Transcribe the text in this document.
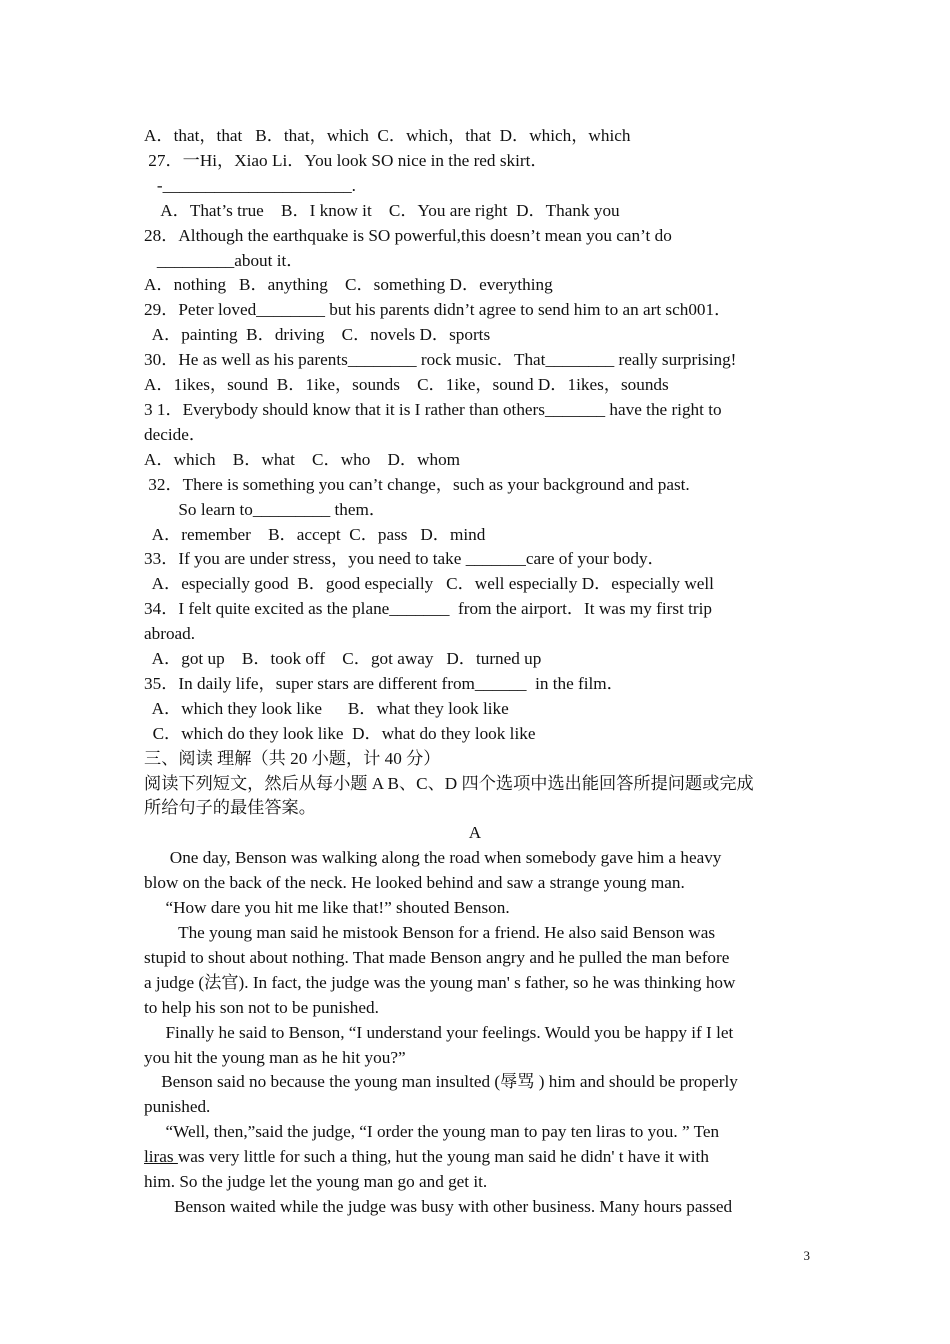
A．that，that   B．that，which  C．which，that  D．which，which
27．一Hi，Xiao Li．You look SO nice in the red skirt．
-______________________.
A．That’s true    B．I know it    C．You are right  D．Thank you
28．Although the earthquake is SO powerful,this doesn’t mean you can’t do
_________about it．
A．nothing   B．anything    C．something D．everything
29．Peter loved________ but his parents didn’t agree to send him to an art sch001．
A．painting  B．driving    C．novels D．sports
30．He as well as his parents________ rock music．That________ really surprising!
A．1ikes，sound  B．1ike，sounds    C．1ike，sound D．1ikes，sounds
3 1．Everybody should know that it is I rather than others_______ have the right to
decide．
A．which    B．what    C．who    D．whom
32．There is something you can’t change，such as your background and past.
So learn to_________ them．
A．remember    B．accept  C．pass   D．mind
33．If you are under stress，you need to take _______care of your body．
A．especially good  B．good especially   C．well especially D．especially well
34．I felt quite excited as the plane_______  from the airport．It was my first trip
abroad.
A．got up    B．took off    C．got away   D．turned up
35．In daily life，super stars are different from______  in the film．
A．which they look like      B．what they look like
C．which do they look like  D．what do they look like
三、阅读 理解（共 20 小题，计 40 分）
阅读下列短文，然后从每小题 A B、C、D 四个选项中选出能回答所提问题或完成
所给句子的最佳答案。
A
One day, Benson was walking along the road when somebody gave him a heavy
blow on the back of the neck. He looked behind and saw a strange young man.
“How dare you hit me like that!” shouted Benson.
The young man said he mistook Benson for a friend. He also said Benson was
stupid to shout about nothing. That made Benson angry and he pulled the man before
a judge (法官). In fact, the judge was the young man' s father, so he was thinking how
to help his son not to be punished.
Finally he said to Benson, “I understand your feelings. Would you be happy if I let
you hit the young man as he hit you?”
Benson said no because the young man insulted (辱骂 ) him and should be properly
punished.
“Well, then,”said the judge, “I order the young man to pay ten liras to you. ” Ten
liras was very little for such a thing, hut the young man said he didn' t have it with
him. So the judge let the young man go and get it.
Benson waited while the judge was busy with other business. Many hours passed
3
